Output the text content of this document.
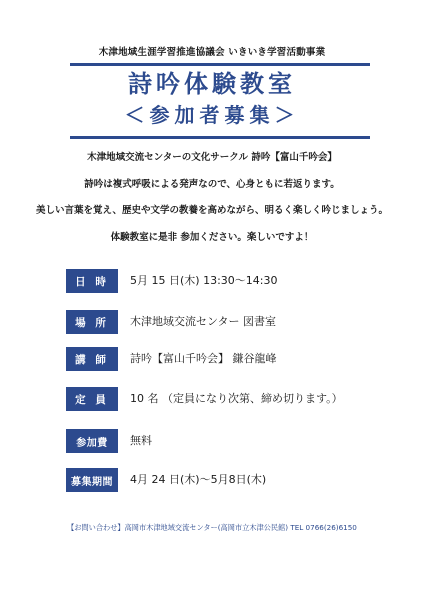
木津地域生涯学習推進協議会 いきいき学習活動事業
詩吟体験教室
＜参加者募集＞
木津地域交流センターの文化サークル 詩吟【富山千吟会】
詩吟は複式呼吸による発声なので、心身ともに若返ります。
美しい言葉を覚え、歴史や文学の教養を高めながら、明るく楽しく吟じましょう。
体験教室に是非 参加ください。楽しいですよ！
日 時	5月 15 日(木) 13:30～14:30
場 所	木津地域交流センター 図書室
講 師	詩吟【富山千吟会】 鎌谷龍峰
定 員	10 名 （定員になり次第、締め切ります。）
参加費	無料
募集期間	4月 24 日(木)～5月8日(木)
【お問い合わせ】高岡市木津地域交流センター(高岡市立木津公民館) TEL 0766(26)6150
